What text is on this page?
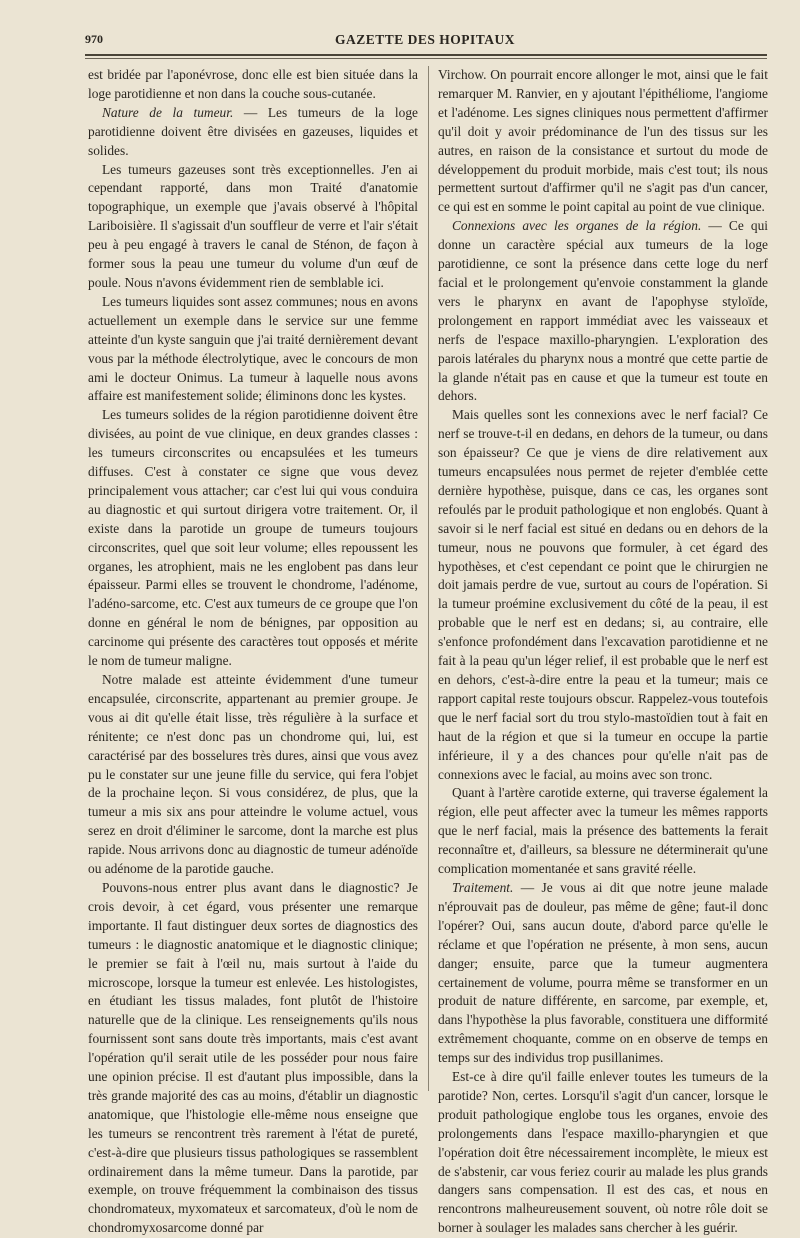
970	GAZETTE DES HOPITAUX

est bridée par l'aponévrose, donc elle est bien située dans la loge parotidienne et non dans la couche sous-cutanée.

Nature de la tumeur. — Les tumeurs de la loge parotidienne doivent être divisées en gazeuses, liquides et solides.

Les tumeurs gazeuses sont très exceptionnelles. J'en ai cependant rapporté, dans mon Traité d'anatomie topographique, un exemple que j'avais observé à l'hôpital Lariboisière. Il s'agissait d'un souffleur de verre et l'air s'était peu à peu engagé à travers le canal de Sténon, de façon à former sous la peau une tumeur du volume d'un œuf de poule. Nous n'avons évidemment rien de semblable ici.

Les tumeurs liquides sont assez communes; nous en avons actuellement un exemple dans le service sur une femme atteinte d'un kyste sanguin que j'ai traité dernièrement devant vous par la méthode électrolytique, avec le concours de mon ami le docteur Onimus. La tumeur à laquelle nous avons affaire est manifestement solide; éliminons donc les kystes.

Les tumeurs solides de la région parotidienne doivent être divisées, au point de vue clinique, en deux grandes classes : les tumeurs circonscrites ou encapsulées et les tumeurs diffuses. C'est à constater ce signe que vous devez principalement vous attacher; car c'est lui qui vous conduira au diagnostic et qui surtout dirigera votre traitement. Or, il existe dans la parotide un groupe de tumeurs toujours circonscrites, quel que soit leur volume; elles repoussent les organes, les atrophient, mais ne les englobent pas dans leur épaisseur. Parmi elles se trouvent le chondrome, l'adénome, l'adéno-sarcome, etc. C'est aux tumeurs de ce groupe que l'on donne en général le nom de bénignes, par opposition au carcinome qui présente des caractères tout opposés et mérite le nom de tumeur maligne.

Notre malade est atteinte évidemment d'une tumeur encapsulée, circonscrite, appartenant au premier groupe. Je vous ai dit qu'elle était lisse, très régulière à la surface et rénitente; ce n'est donc pas un chondrome qui, lui, est caractérisé par des bosselures très dures, ainsi que vous avez pu le constater sur une jeune fille du service, qui fera l'objet de la prochaine leçon. Si vous considérez, de plus, que la tumeur a mis six ans pour atteindre le volume actuel, vous serez en droit d'éliminer le sarcome, dont la marche est plus rapide. Nous arrivons donc au diagnostic de tumeur adénoïde ou adénome de la parotide gauche.

Pouvons-nous entrer plus avant dans le diagnostic? Je crois devoir, à cet égard, vous présenter une remarque importante. Il faut distinguer deux sortes de diagnostics des tumeurs : le diagnostic anatomique et le diagnostic clinique; le premier se fait à l'œil nu, mais surtout à l'aide du microscope, lorsque la tumeur est enlevée. Les histologistes, en étudiant les tissus malades, font plutôt de l'histoire naturelle que de la clinique. Les renseignements qu'ils nous fournissent sont sans doute très importants, mais c'est avant l'opération qu'il serait utile de les posséder pour nous faire une opinion précise. Il est d'autant plus impossible, dans la très grande majorité des cas au moins, d'établir un diagnostic anatomique, que l'histologie elle-même nous enseigne que les tumeurs se rencontrent très rarement à l'état de pureté, c'est-à-dire que plusieurs tissus pathologiques se rassemblent ordinairement dans la même tumeur. Dans la parotide, par exemple, on trouve fréquemment la combinaison des tissus chondromateux, myxomateux et sarcomateux, d'où le nom de chondromyxosarcome donné par

Virchow. On pourrait encore allonger le mot, ainsi que le fait remarquer M. Ranvier, en y ajoutant l'épithéliome, l'angiome et l'adénome. Les signes cliniques nous permettent d'affirmer qu'il doit y avoir prédominance de l'un des tissus sur les autres, en raison de la consistance et surtout du mode de développement du produit morbide, mais c'est tout; ils nous permettent surtout d'affirmer qu'il ne s'agit pas d'un cancer, ce qui est en somme le point capital au point de vue clinique.

Connexions avec les organes de la région. — Ce qui donne un caractère spécial aux tumeurs de la loge parotidienne, ce sont la présence dans cette loge du nerf facial et le prolongement qu'envoie constamment la glande vers le pharynx en avant de l'apophyse styloïde, prolongement en rapport immédiat avec les vaisseaux et nerfs de l'espace maxillo-pharyngien. L'exploration des parois latérales du pharynx nous a montré que cette partie de la glande n'était pas en cause et que la tumeur est toute en dehors.

Mais quelles sont les connexions avec le nerf facial? Ce nerf se trouve-t-il en dedans, en dehors de la tumeur, ou dans son épaisseur? Ce que je viens de dire relativement aux tumeurs encapsulées nous permet de rejeter d'emblée cette dernière hypothèse, puisque, dans ce cas, les organes sont refoulés par le produit pathologique et non englobés. Quant à savoir si le nerf facial est situé en dedans ou en dehors de la tumeur, nous ne pouvons que formuler, à cet égard des hypothèses, et c'est cependant ce point que le chirurgien ne doit jamais perdre de vue, surtout au cours de l'opération. Si la tumeur proémine exclusivement du côté de la peau, il est probable que le nerf est en dedans; si, au contraire, elle s'enfonce profondément dans l'excavation parotidienne et ne fait à la peau qu'un léger relief, il est probable que le nerf est en dehors, c'est-à-dire entre la peau et la tumeur; mais ce rapport capital reste toujours obscur. Rappelez-vous toutefois que le nerf facial sort du trou stylo-mastoïdien tout à fait en haut de la région et que si la tumeur en occupe la partie inférieure, il y a des chances pour qu'elle n'ait pas de connexions avec le facial, au moins avec son tronc.

Quant à l'artère carotide externe, qui traverse également la région, elle peut affecter avec la tumeur les mêmes rapports que le nerf facial, mais la présence des battements la ferait reconnaître et, d'ailleurs, sa blessure ne déterminerait qu'une complication momentanée et sans gravité réelle.

Traitement. — Je vous ai dit que notre jeune malade n'éprouvait pas de douleur, pas même de gêne; faut-il donc l'opérer? Oui, sans aucun doute, d'abord parce qu'elle le réclame et que l'opération ne présente, à mon sens, aucun danger; ensuite, parce que la tumeur augmentera certainement de volume, pourra même se transformer en un produit de nature différente, en sarcome, par exemple, et, dans l'hypothèse la plus favorable, constituera une difformité extrêmement choquante, comme on en observe de temps en temps sur des individus trop pusillanimes.

Est-ce à dire qu'il faille enlever toutes les tumeurs de la parotide? Non, certes. Lorsqu'il s'agit d'un cancer, lorsque le produit pathologique englobe tous les organes, envoie des prolongements dans l'espace maxillo-pharyngien et que l'opération doit être nécessairement incomplète, le mieux est de s'abstenir, car vous feriez courir au malade les plus grands dangers sans compensation. Il est des cas, et nous en rencontrons malheureusement souvent, où notre rôle doit se borner à soulager les malades sans chercher à les guérir.
